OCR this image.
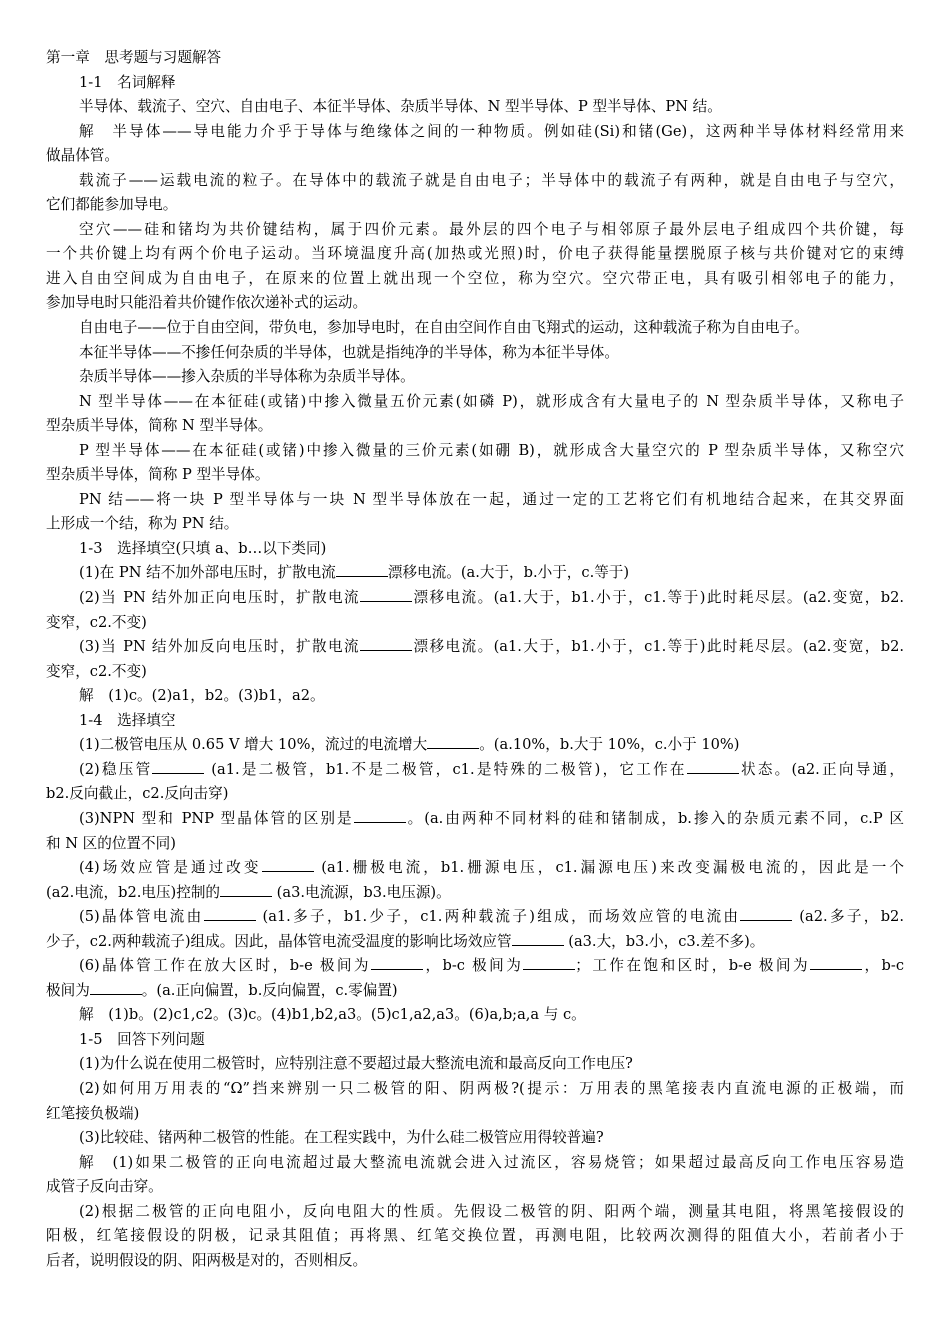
第一章　思考题与习题解答
1-1　名词解释
半导体、载流子、空穴、自由电子、本征半导体、杂质半导体、N 型半导体、P 型半导体、PN 结。
解　半导体——导电能力介乎于导体与绝缘体之间的一种物质。例如硅(Si)和锗(Ge)，这两种半导体材料经常用来
做晶体管。
载流子——运载电流的粒子。在导体中的载流子就是自由电子；半导体中的载流子有两种，就是自由电子与空穴，
它们都能参加导电。
空穴——硅和锗均为共价键结构，属于四价元素。最外层的四个电子与相邻原子最外层电子组成四个共价键，每
一个共价键上均有两个价电子运动。当环境温度升高(加热或光照)时，价电子获得能量摆脱原子核与共价键对它的束缚
进入自由空间成为自由电子，在原来的位置上就出现一个空位，称为空穴。空穴带正电，具有吸引相邻电子的能力，
参加导电时只能沿着共价键作依次递补式的运动。
自由电子——位于自由空间，带负电，参加导电时，在自由空间作自由飞翔式的运动，这种载流子称为自由电子。
本征半导体——不掺任何杂质的半导体，也就是指纯净的半导体，称为本征半导体。
杂质半导体——掺入杂质的半导体称为杂质半导体。
N 型半导体——在本征硅(或锗)中掺入微量五价元素(如磷 P)，就形成含有大量电子的 N 型杂质半导体，又称电子
型杂质半导体，简称 N 型半导体。
P 型半导体——在本征硅(或锗)中掺入微量的三价元素(如硼 B)，就形成含大量空穴的 P 型杂质半导体，又称空穴
型杂质半导体，简称 P 型半导体。
PN 结——将一块 P 型半导体与一块 N 型半导体放在一起，通过一定的工艺将它们有机地结合起来，在其交界面
上形成一个结，称为 PN 结。
1-3　选择填空(只填 a、b…以下类同)
(1)在 PN 结不加外部电压时，扩散电流	漂移电流。(a.大于，b.小于，c.等于)
(2)当 PN 结外加正向电压时，扩散电流	漂移电流。(a1.大于，b1.小于，c1.等于)此时耗尽层。(a2.变宽，b2.
变窄，c2.不变)
(3)当 PN 结外加反向电压时，扩散电流	漂移电流。(a1.大于，b1.小于，c1.等于)此时耗尽层。(a2.变宽，b2.
变窄，c2.不变)
解　(1)c。(2)a1，b2。(3)b1，a2。
1-4　选择填空
(1)二极管电压从 0.65 V 增大 10%，流过的电流增大	。(a.10%，b.大于 10%，c.小于 10%)
(2)稳压管	(a1.是二极管，b1.不是二极管，c1.是特殊的二极管)，它工作在	状态。(a2.正向导通，
b2.反向截止，c2.反向击穿)
(3)NPN 型和 PNP 型晶体管的区别是	。(a.由两种不同材料的硅和锗制成，b.掺入的杂质元素不同，c.P 区
和 N 区的位置不同)
(4)场效应管是通过改变	(a1.栅极电流，b1.栅源电压，c1.漏源电压)来改变漏极电流的，因此是一个
(a2.电流，b2.电压)控制的	(a3.电流源，b3.电压源)。
(5)晶体管电流由	(a1.多子，b1.少子，c1.两种载流子)组成，而场效应管的电流由	(a2.多子，b2.
少子，c2.两种载流子)组成。因此，晶体管电流受温度的影响比场效应管	(a3.大，b3.小，c3.差不多)。
(6)晶体管工作在放大区时，b-e 极间为	，b-c 极间为	；工作在饱和区时，b-e 极间为	，b-c
极间为	。(a.正向偏置，b.反向偏置，c.零偏置)
解　(1)b。(2)c1,c2。(3)c。(4)b1,b2,a3。(5)c1,a2,a3。(6)a,b;a,a 与 c。
1-5　回答下列问题
(1)为什么说在使用二极管时，应特别注意不要超过最大整流电流和最高反向工作电压?
(2)如何用万用表的“Ω”挡来辨别一只二极管的阳、阴两极?(提示：万用表的黑笔接表内直流电源的正极端，而
红笔接负极端)
(3)比较硅、锗两种二极管的性能。在工程实践中，为什么硅二极管应用得较普遍?
解　(1)如果二极管的正向电流超过最大整流电流就会进入过流区，容易烧管；如果超过最高反向工作电压容易造
成管子反向击穿。
(2)根据二极管的正向电阻小，反向电阻大的性质。先假设二极管的阴、阳两个端，测量其电阻，将黑笔接假设的
阳极，红笔接假设的阴极，记录其阻值；再将黑、红笔交换位置，再测电阻，比较两次测得的阻值大小，若前者小于
后者，说明假设的阴、阳两极是对的，否则相反。
